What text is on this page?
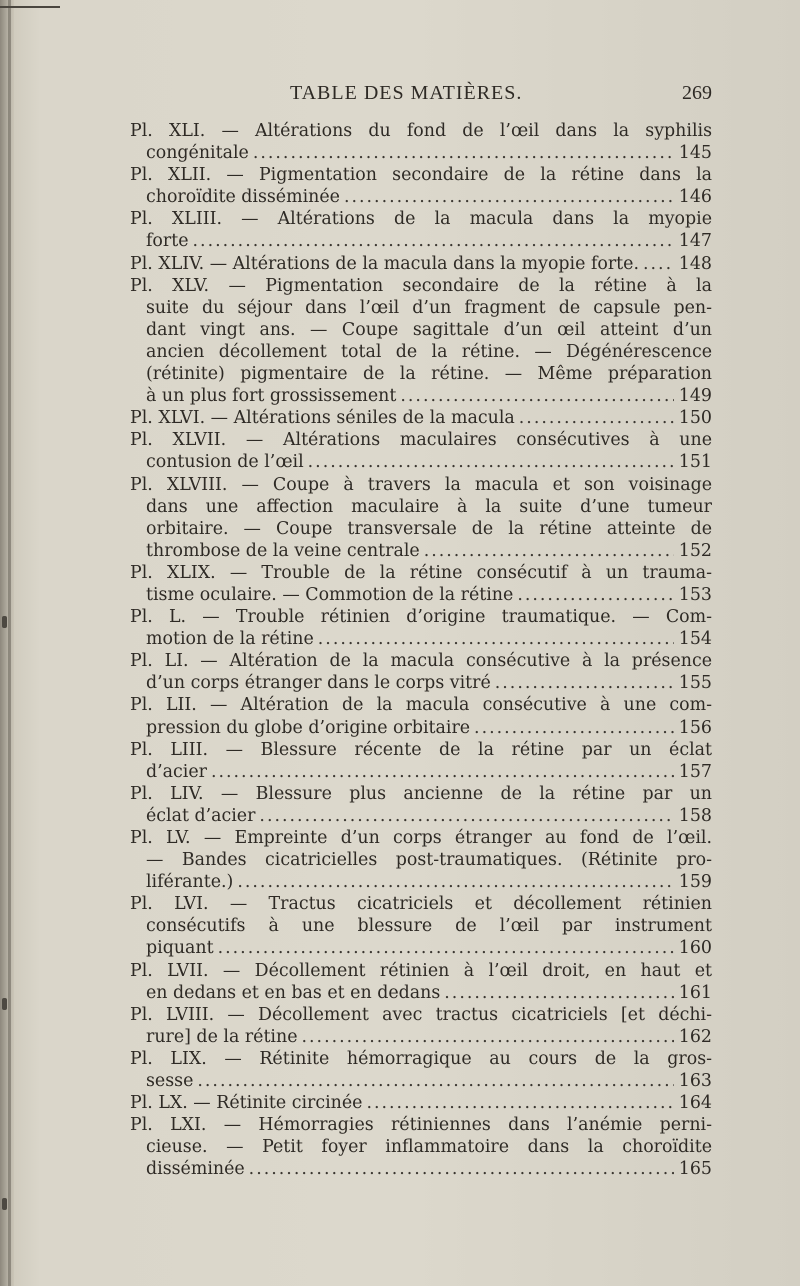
TABLE DES MATIÈRES.	269
Pl. XLI. — Altérations du fond de l’œil dans la syphilis
congénitale .....	145
Pl. XLII. — Pigmentation secondaire de la rétine dans la
choroïdite disséminée .....	146
Pl. XLIII. — Altérations de la macula dans la myopie
forte .....	147
Pl. XLIV. — Altérations de la macula dans la myopie forte. ..... 148
Pl. XLV. — Pigmentation secondaire de la rétine à la
suite du séjour dans l’œil d’un fragment de capsule pen-
dant vingt ans. — Coupe sagittale d’un œil atteint d’un
ancien décollement total de la rétine. — Dégénérescence
(rétinite) pigmentaire de la rétine. — Même préparation
à un plus fort grossissement .....	149
Pl. XLVI. — Altérations séniles de la macula .....	150
Pl. XLVII. — Altérations maculaires consécutives à une
contusion de l’œil .....	151
Pl. XLVIII. — Coupe à travers la macula et son voisinage
dans une affection maculaire à la suite d’une tumeur
orbitaire. — Coupe transversale de la rétine atteinte de
thrombose de la veine centrale .....	152
Pl. XLIX. — Trouble de la rétine consécutif à un trauma-
tisme oculaire. — Commotion de la rétine .....	153
Pl. L. — Trouble rétinien d’origine traumatique. — Com-
motion de la rétine .....	154
Pl. LI. — Altération de la macula consécutive à la présence
d’un corps étranger dans le corps vitré .....	155
Pl. LII. — Altération de la macula consécutive à une com-
pression du globe d’origine orbitaire .....	156
Pl. LIII. — Blessure récente de la rétine par un éclat
d’acier .....	157
Pl. LIV. — Blessure plus ancienne de la rétine par un
éclat d’acier .....	158
Pl. LV. — Empreinte d’un corps étranger au fond de l’œil.
— Bandes cicatricielles post-traumatiques. (Rétinite pro-
liférante.) .....	159
Pl. LVI. — Tractus cicatriciels et décollement rétinien
consécutifs à une blessure de l’œil par instrument
piquant .....	160
Pl. LVII. — Décollement rétinien à l’œil droit, en haut et
en dedans et en bas et en dedans .....	161
Pl. LVIII. — Décollement avec tractus cicatriciels [et déchi-
rure] de la rétine .....	162
Pl. LIX. — Rétinite hémorragique au cours de la gros-
sesse .....	163
Pl. LX. — Rétinite circinée .....	164
Pl. LXI. — Hémorragies rétiniennes dans l’anémie perni-
cieuse. — Petit foyer inflammatoire dans la choroïdite
disséminée .....	165
